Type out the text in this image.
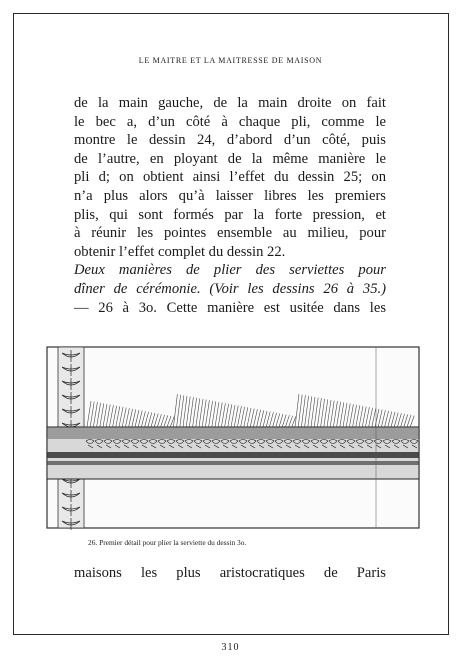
LE MAITRE ET LA MAITRESSE DE MAISON
de la main gauche, de la main droite on fait
le bec a, d’un côté à chaque pli, comme le
montre le dessin 24, d’abord d’un côté, puis
de l’autre, en ployant de la même manière le
pli d; on obtient ainsi l’effet du dessin 25; on
n’a plus alors qu’à laisser libres les premiers
plis, qui sont formés par la forte pression, et
à réunir les pointes ensemble au milieu, pour
obtenir l’effet complet du dessin 22.
Deux manières de plier des serviettes pour
dîner de cérémonie. (Voir les dessins 26 à 35.)
— 26 à 3o. Cette manière est usitée dans les
26. Premier détail pour plier la serviette du dessin 3o.
maisons les plus aristocratiques de Paris
310
